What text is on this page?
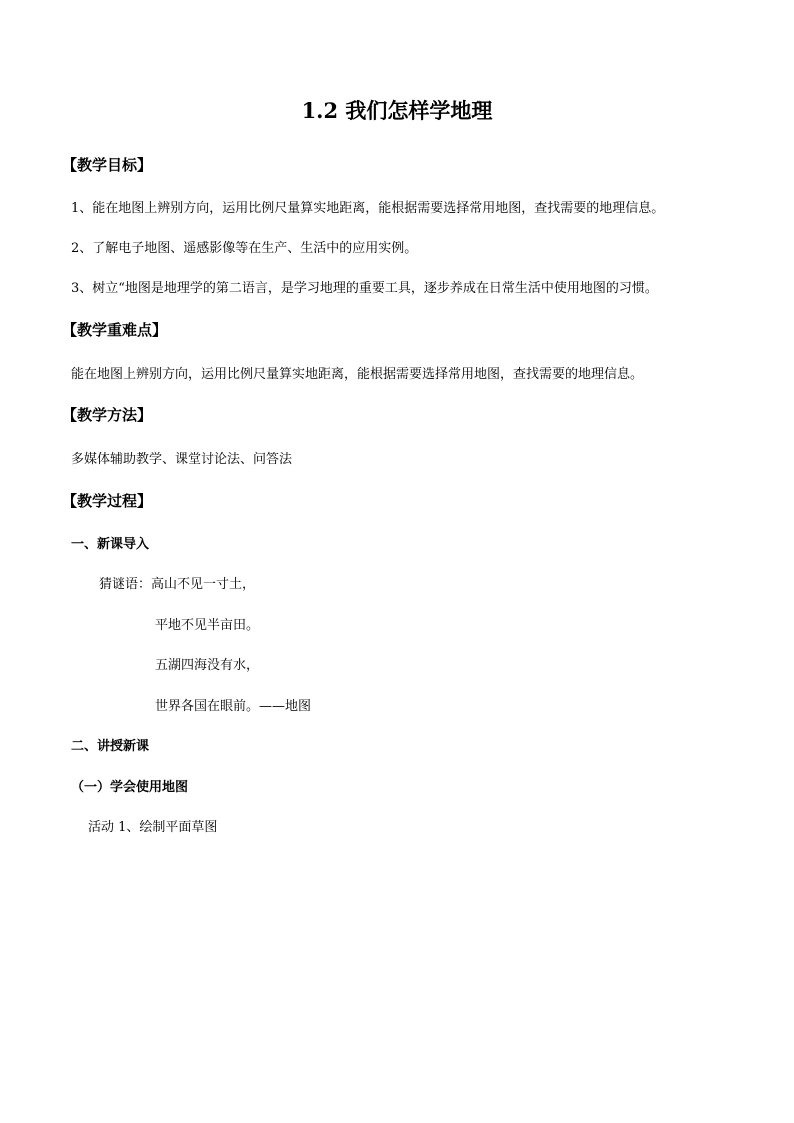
1.2 我们怎样学地理
【教学目标】
1、能在地图上辨别方向，运用比例尺量算实地距离，能根据需要选择常用地图，查找需要的地理信息。
2、了解电子地图、遥感影像等在生产、生活中的应用实例。
3、树立“地图是地理学的第二语言，是学习地理的重要工具，逐步养成在日常生活中使用地图的习惯。
【教学重难点】
能在地图上辨别方向，运用比例尺量算实地距离，能根据需要选择常用地图，查找需要的地理信息。
【教学方法】
多媒体辅助教学、课堂讨论法、问答法
【教学过程】
一、新课导入
猜谜语：高山不见一寸土，
平地不见半亩田。
五湖四海没有水，
世界各国在眼前。——地图
二、讲授新课
（一）学会使用地图
活动 1、绘制平面草图
